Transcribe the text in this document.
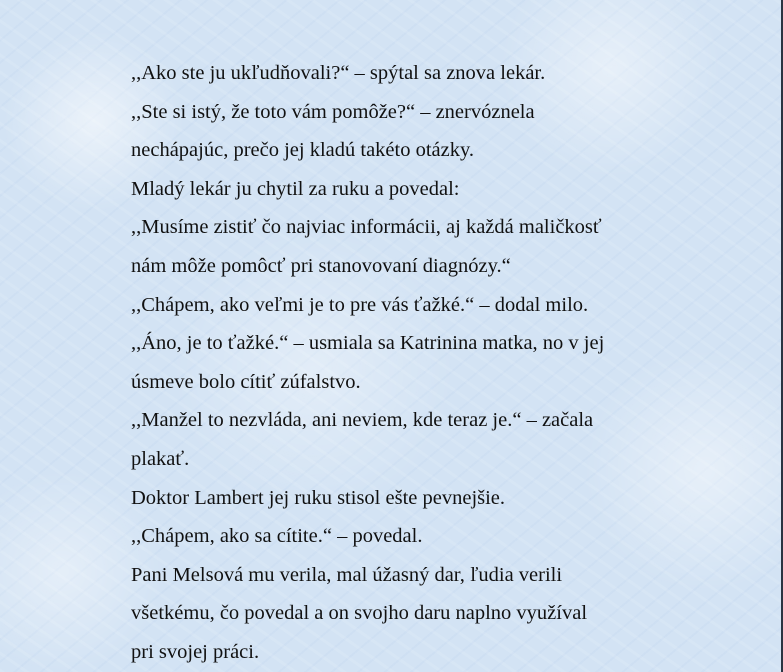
,,Ako ste ju ukľudňovali?“ – spýtal sa znova lekár.
,,Ste si istý, že toto vám pomôže?“ – znervóznela
nechápajúc, prečo jej kladú takéto otázky.
Mladý lekár ju chytil za ruku a povedal:
,,Musíme zistiť čo najviac informácii, aj každá maličkosť
nám môže pomôcť pri stanovovaní diagnózy.“
,,Chápem, ako veľmi je to pre vás ťažké.“ – dodal milo.
,,Áno, je to ťažké.“ – usmiala sa Katrinina matka, no v jej
úsmeve bolo cítiť zúfalstvo.
,,Manžel to nezvláda, ani neviem, kde teraz je.“ – začala
plakať.
Doktor Lambert jej ruku stisol ešte pevnejšie.
,,Chápem, ako sa cítite.“ – povedal.
Pani Melsová mu verila, mal úžasný dar, ľudia verili
všetkému, čo povedal a on svojho daru naplno využíval
pri svojej práci.
